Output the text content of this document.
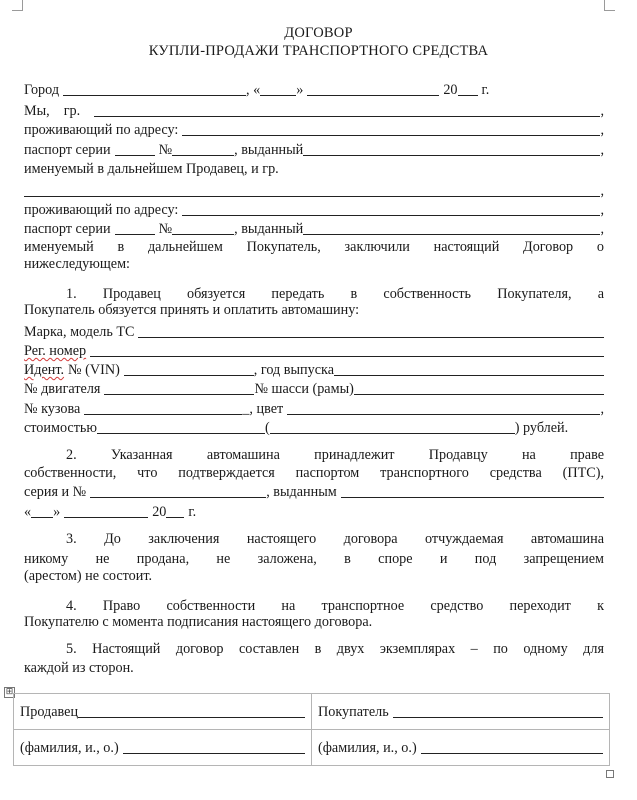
ДОГОВОР
КУПЛИ-ПРОДАЖИ ТРАНСПОРТНОГО СРЕДСТВА
Город	, «	»	20 г.
Мы, гр.	,
проживающий по адресу:	,
паспорт серии	№	, выданный	,
именуемый в дальнейшем Продавец, и гр.
,
проживающий по адресу:	,
паспорт серии	№	, выданный	,
именуемый в дальнейшем Покупатель, заключили настоящий Договор о
нижеследующем:
1. Продавец обязуется передать в собственность Покупателя, а
Покупатель обязуется принять и оплатить автомашину:
Марка, модель ТС
Рег. номер
Идент. № (VIN)	, год выпуска
№ двигателя	№ шасси (рамы)
№ кузова	_, цвет	,
стоимостью	(	) рублей.
2. Указанная автомашина принадлежит Продавцу на праве
собственности, что подтверждается паспортом транспортного средства (ПТС),
серия и №	, выданным
« »	20 г.
3. До заключения настоящего договора отчуждаемая автомашина
никому не продана, не заложена, в споре и под запрещением
(арестом) не состоит.
4. Право собственности на транспортное средство переходит к
Покупателю с момента подписания настоящего договора.
5. Настоящий договор составлен в двух экземплярах – по одному для
каждой из сторон.
⊞
Продавец	Покупатель

(фамилия, и., о.)	(фамилия, и., о.)
